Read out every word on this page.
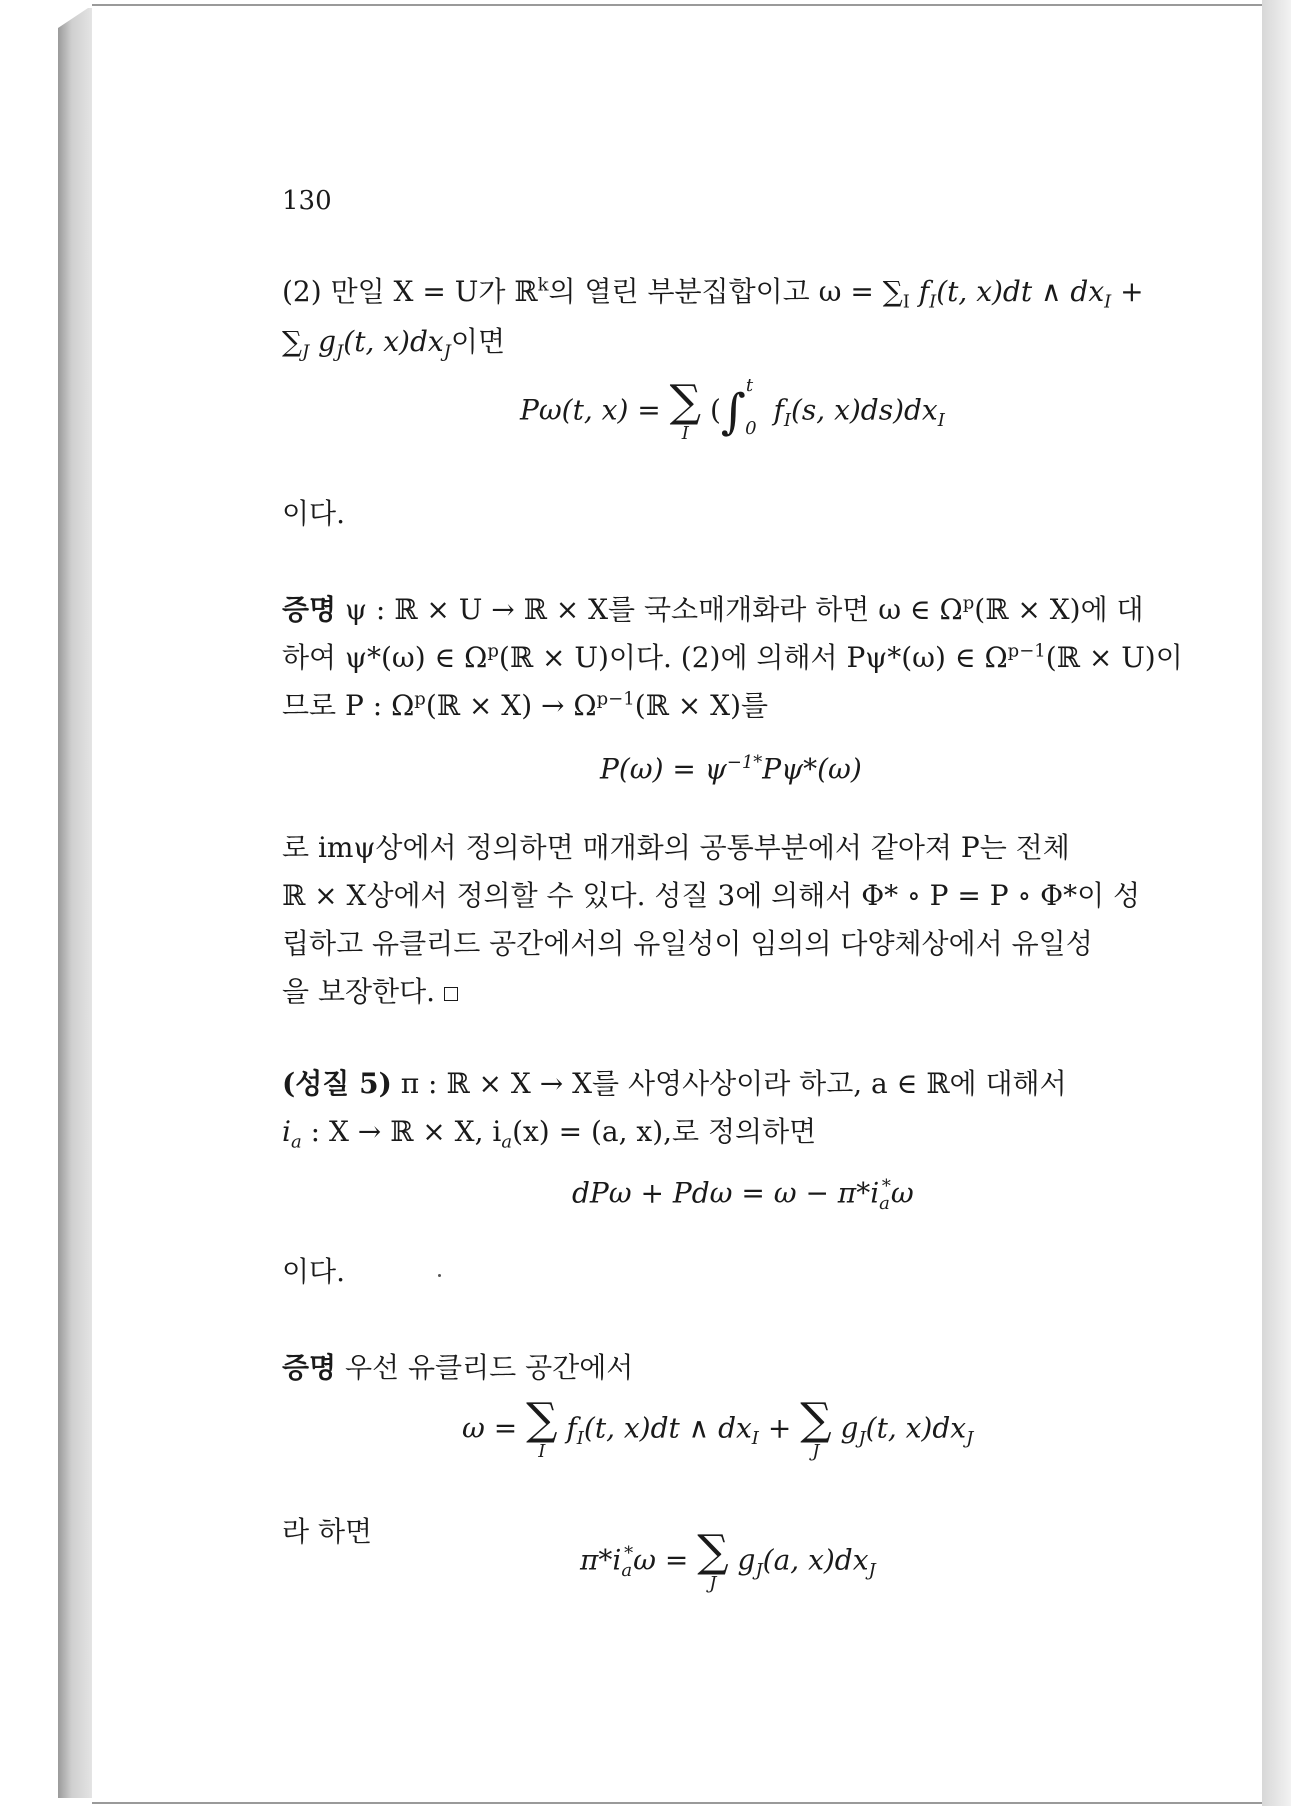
130
(2) 만일 X = U가 ℝ$^k$의 열린 부분집합이고 $\omega = \sum_I$ $f_I(t$, x)dt ∧ $dx_I$ +
$\sum_J$ $g_J(t$, $x)dx_J$이면
Pω(t, x) = ∑
I
(∫$^t_0$ $f_I(s$, $x)ds)dx_I$
이다.
증명 ψ : ℝ × U → ℝ × X를 국소매개화라 하면 ω ∈ $\Omega^p(ℝ \times X)$에 대
하여 ψ*(ω) ∈ $\Omega^p(ℝ \times U)$이다. (2)에 의해서 Pψ*(ω) ∈ $\Omega^{p-1}(ℝ \times U)$이
므로 P : $\Omega^p(ℝ \times X)$ → $\Omega^{p-1}(ℝ \times X)$를
$P(\omega) = \psi^{-1*}P\psi*(\omega)$
로 imψ상에서 정의하면 매개화의 공통부분에서 같아져 P는 전체
ℝ × X상에서 정의할 수 있다. 성질 3에 의해서 Φ* ∘ P = P ∘ Φ*이 성
립하고 유클리드 공간에서의 유일성이 임의의 다양체상에서 유일성
을 보장한다.
(성질 5) π : ℝ × X → X를 사영사상이라 하고, a ∈ ℝ에 대해서
$i_a$ : X → ℝ × X, $i_a(x) = (a$, x),로 정의하면
$dP\omega + Pd\omega = \omega - \pi*i_a^*\omega$
이다.
증명 우선 유클리드 공간에서
ω = ∑
I
$f_I(t$, x)dt ∧ $dx_I$ + ∑
J
$g_J(t$, $x)dx_J$
라 하면
$\pi*i_a^*\omega$ = ∑
J
$g_J(a$, $x)dx_J$
